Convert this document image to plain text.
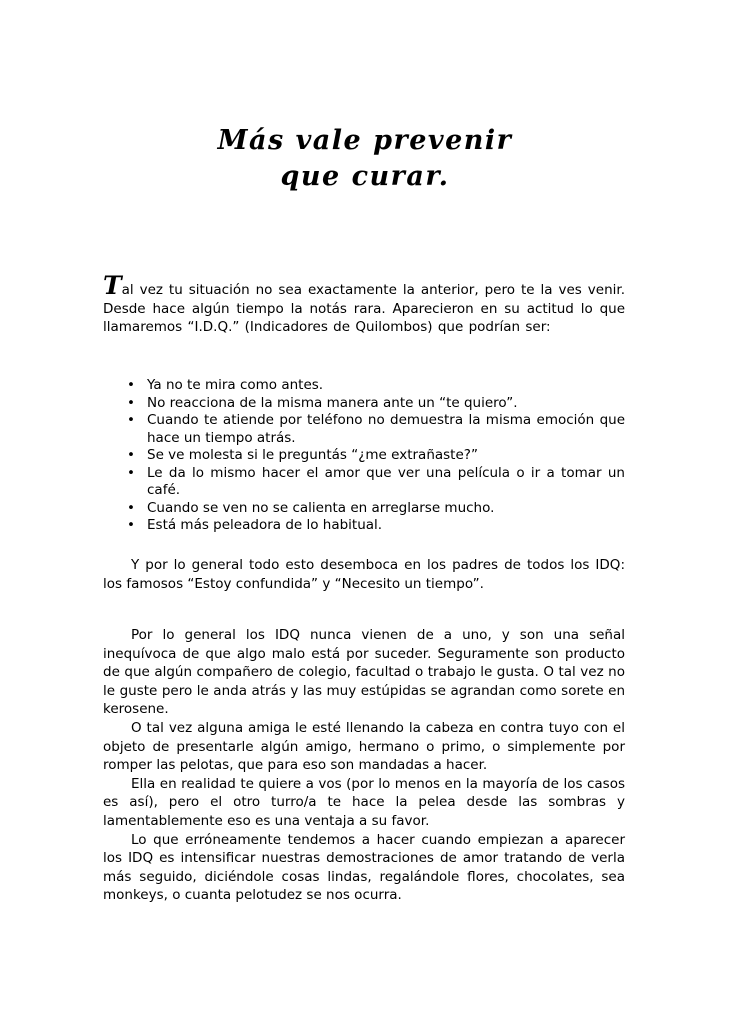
Más vale prevenir
que curar.
Tal vez tu situación no sea exactamente la anterior, pero te la ves venir. Desde hace algún tiempo la notás rara. Aparecieron en su actitud lo que llamaremos “I.D.Q.” (Indicadores de Quilombos) que podrían ser:
• Ya no te mira como antes.
• No reacciona de la misma manera ante un “te quiero”.
• Cuando te atiende por teléfono no demuestra la misma emoción que hace un tiempo atrás.
• Se ve molesta si le preguntás “¿me extrañaste?”
• Le da lo mismo hacer el amor que ver una película o ir a tomar un café.
• Cuando se ven no se calienta en arreglarse mucho.
• Está más peleadora de lo habitual.
Y por lo general todo esto desemboca en los padres de todos los IDQ: los famosos “Estoy confundida” y “Necesito un tiempo”.
Por lo general los IDQ nunca vienen de a uno, y son una señal inequívoca de que algo malo está por suceder. Seguramente son producto de que algún compañero de colegio, facultad o trabajo le gusta. O tal vez no le guste pero le anda atrás y las muy estúpidas se agrandan como sorete en kerosene.
O tal vez alguna amiga le esté llenando la cabeza en contra tuyo con el objeto de presentarle algún amigo, hermano o primo, o simplemente por romper las pelotas, que para eso son mandadas a hacer.
Ella en realidad te quiere a vos (por lo menos en la mayoría de los casos es así), pero el otro turro/a te hace la pelea desde las sombras y lamentablemente eso es una ventaja a su favor.
Lo que erróneamente tendemos a hacer cuando empiezan a aparecer los IDQ es intensificar nuestras demostraciones de amor tratando de verla más seguido, diciéndole cosas lindas, regalándole flores, chocolates, sea monkeys, o cuanta pelotudez se nos ocurra.
